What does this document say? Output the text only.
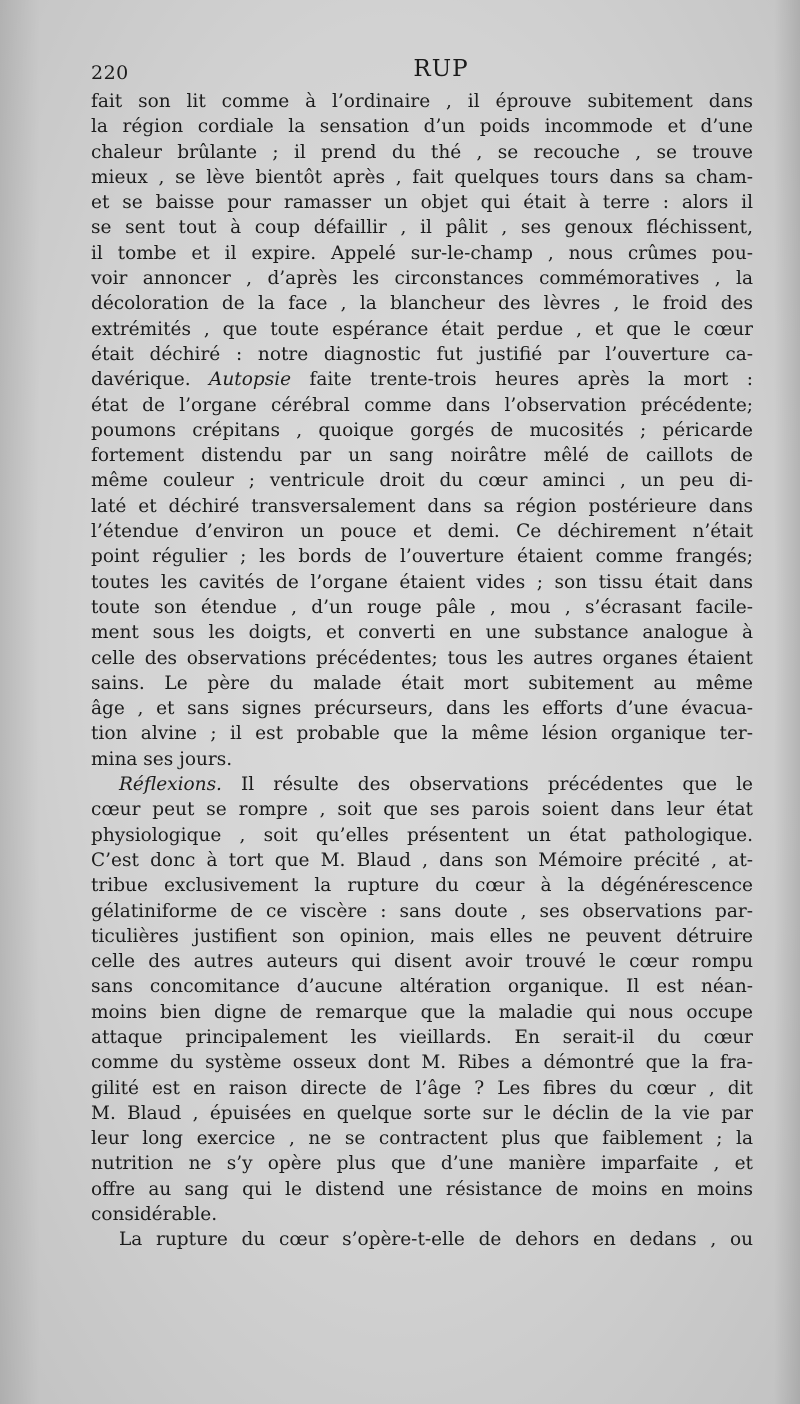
220	RUP
fait son lit comme à l’ordinaire , il éprouve subitement dans
la région cordiale la sensation d’un poids incommode et d’une
chaleur brûlante ; il prend du thé , se recouche , se trouve
mieux , se lève bientôt après , fait quelques tours dans sa cham-
et se baisse pour ramasser un objet qui était à terre : alors il
se sent tout à coup défaillir , il pâlit , ses genoux fléchissent,
il tombe et il expire. Appelé sur-le-champ , nous crûmes pou-
voir annoncer , d’après les circonstances commémoratives , la
décoloration de la face , la blancheur des lèvres , le froid des
extrémités , que toute espérance était perdue , et que le cœur
était déchiré : notre diagnostic fut justifié par l’ouverture ca-
davérique. Autopsie faite trente-trois heures après la mort :
état de l’organe cérébral comme dans l’observation précédente;
poumons crépitans , quoique gorgés de mucosités ; péricarde
fortement distendu par un sang noirâtre mêlé de caillots de
même couleur ; ventricule droit du cœur aminci , un peu di-
laté et déchiré transversalement dans sa région postérieure dans
l’étendue d’environ un pouce et demi. Ce déchirement n’était
point régulier ; les bords de l’ouverture étaient comme frangés;
toutes les cavités de l’organe étaient vides ; son tissu était dans
toute son étendue , d’un rouge pâle , mou , s’écrasant facile-
ment sous les doigts, et converti en une substance analogue à
celle des observations précédentes; tous les autres organes étaient
sains. Le père du malade était mort subitement au même
âge , et sans signes précurseurs, dans les efforts d’une évacua-
tion alvine ; il est probable que la même lésion organique ter-
mina ses jours.
Réflexions. Il résulte des observations précédentes que le
cœur peut se rompre , soit que ses parois soient dans leur état
physiologique , soit qu’elles présentent un état pathologique.
C’est donc à tort que M. Blaud , dans son Mémoire précité , at-
tribue exclusivement la rupture du cœur à la dégénérescence
gélatiniforme de ce viscère : sans doute , ses observations par-
ticulières justifient son opinion, mais elles ne peuvent détruire
celle des autres auteurs qui disent avoir trouvé le cœur rompu
sans concomitance d’aucune altération organique. Il est néan-
moins bien digne de remarque que la maladie qui nous occupe
attaque principalement les vieillards. En serait-il du cœur
comme du système osseux dont M. Ribes a démontré que la fra-
gilité est en raison directe de l’âge ? Les fibres du cœur , dit
M. Blaud , épuisées en quelque sorte sur le déclin de la vie par
leur long exercice , ne se contractent plus que faiblement ; la
nutrition ne s’y opère plus que d’une manière imparfaite , et
offre au sang qui le distend une résistance de moins en moins
considérable.
La rupture du cœur s’opère-t-elle de dehors en dedans , ou
